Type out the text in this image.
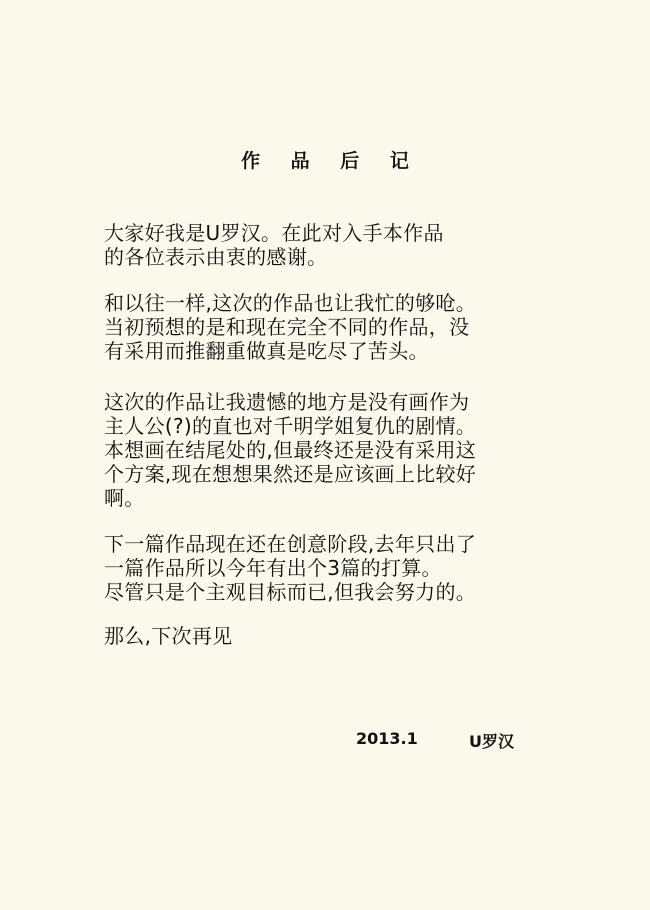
作 品 后 记
大家好我是U罗汉。在此对入手本作品
的各位表示由衷的感谢。
和以往一样,这次的作品也让我忙的够呛。
当初预想的是和现在完全不同的作品，没
有采用而推翻重做真是吃尽了苦头。
这次的作品让我遗憾的地方是没有画作为
主人公(?)的直也对千明学姐复仇的剧情。
本想画在结尾处的,但最终还是没有采用这
个方案,现在想想果然还是应该画上比较好
啊。
下一篇作品现在还在创意阶段,去年只出了
一篇作品所以今年有出个3篇的打算。
尽管只是个主观目标而已,但我会努力的。
那么,下次再见
2013.1	U罗汉
